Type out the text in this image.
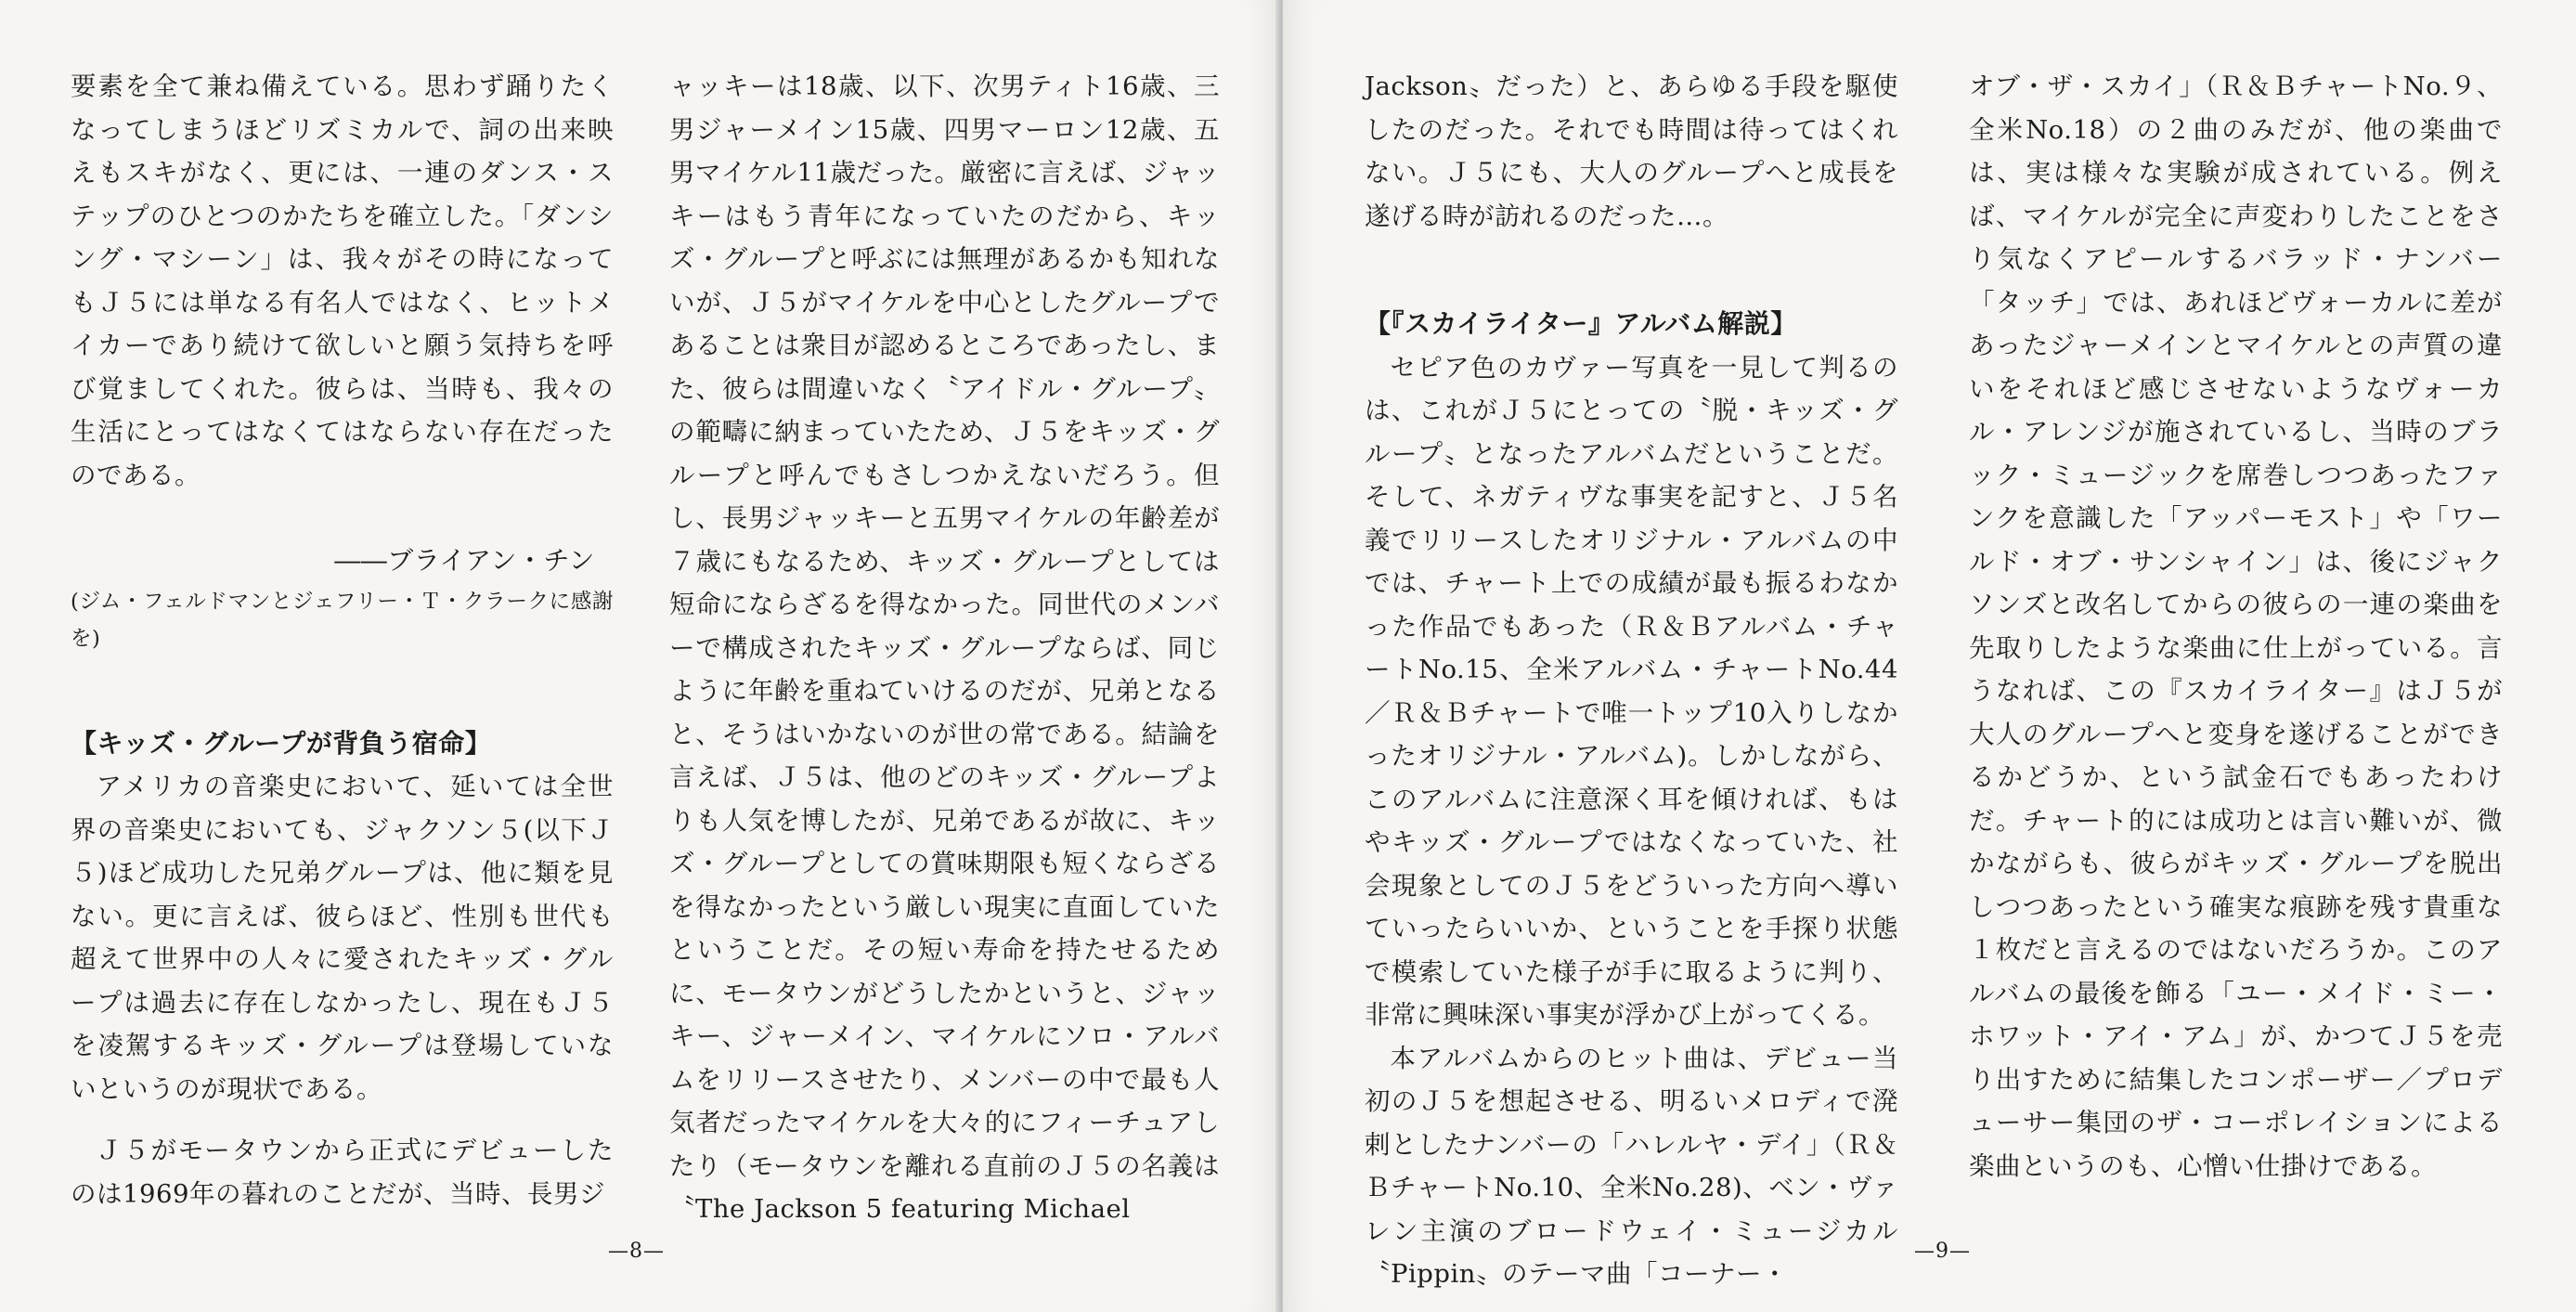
要素を全て兼ね備えている。思わず踊りたくなってしまうほどリズミカルで、詞の出来映えもスキがなく、更には、一連のダンス・ステップのひとつのかたちを確立した。「ダンシング・マシーン」は、我々がその時になってもＪ５には単なる有名人ではなく、ヒットメイカーであり続けて欲しいと願う気持ちを呼び覚ましてくれた。彼らは、当時も、我々の生活にとってはなくてはならない存在だったのである。

――ブライアン・チン

(ジム・フェルドマンとジェフリー・Ｔ・クラークに感謝を)

【キッズ・グループが背負う宿命】

アメリカの音楽史において、延いては全世界の音楽史においても、ジャクソン５(以下Ｊ５)ほど成功した兄弟グループは、他に類を見ない。更に言えば、彼らほど、性別も世代も超えて世界中の人々に愛されたキッズ・グループは過去に存在しなかったし、現在もＪ５を凌駕するキッズ・グループは登場していないというのが現状である。

Ｊ５がモータウンから正式にデビューしたのは1969年の暮れのことだが、当時、長男ジ

ャッキーは18歳、以下、次男ティト16歳、三男ジャーメイン15歳、四男マーロン12歳、五男マイケル11歳だった。厳密に言えば、ジャッキーはもう青年になっていたのだから、キッズ・グループと呼ぶには無理があるかも知れないが、Ｊ５がマイケルを中心としたグループであることは衆目が認めるところであったし、また、彼らは間違いなく〝アイドル・グループ〟の範疇に納まっていたため、Ｊ５をキッズ・グループと呼んでもさしつかえないだろう。但し、長男ジャッキーと五男マイケルの年齢差が７歳にもなるため、キッズ・グループとしては短命にならざるを得なかった。同世代のメンバーで構成されたキッズ・グループならば、同じように年齢を重ねていけるのだが、兄弟となると、そうはいかないのが世の常である。結論を言えば、Ｊ５は、他のどのキッズ・グループよりも人気を博したが、兄弟であるが故に、キッズ・グループとしての賞味期限も短くならざるを得なかったという厳しい現実に直面していたということだ。その短い寿命を持たせるために、モータウンがどうしたかというと、ジャッキー、ジャーメイン、マイケルにソロ・アルバムをリリースさせたり、メンバーの中で最も人気者だったマイケルを大々的にフィーチュアしたり（モータウンを離れる直前のＪ５の名義は〝The Jackson 5 featuring Michael

—8—

Jackson〟だった）と、あらゆる手段を駆使したのだった。それでも時間は待ってはくれない。Ｊ５にも、大人のグループへと成長を遂げる時が訪れるのだった…。

【『スカイライター』アルバム解説】

セピア色のカヴァー写真を一見して判るのは、これがＪ５にとっての〝脱・キッズ・グループ〟となったアルバムだということだ。そして、ネガティヴな事実を記すと、Ｊ５名義でリリースしたオリジナル・アルバムの中では、チャート上での成績が最も振るわなかった作品でもあった（Ｒ＆Ｂアルバム・チャートNo.15、全米アルバム・チャートNo.44／Ｒ＆Ｂチャートで唯一トップ10入りしなかったオリジナル・アルバム)。しかしながら、このアルバムに注意深く耳を傾ければ、もはやキッズ・グループではなくなっていた、社会現象としてのＪ５をどういった方向へ導いていったらいいか、ということを手探り状態で模索していた様子が手に取るように判り、非常に興味深い事実が浮かび上がってくる。

本アルバムからのヒット曲は、デビュー当初のＪ５を想起させる、明るいメロディで溌剌としたナンバーの「ハレルヤ・デイ」（Ｒ＆ＢチャートNo.10、全米No.28)、ベン・ヴァレン主演のブロードウェイ・ミュージカル〝Pippin〟のテーマ曲「コーナー・

オブ・ザ・スカイ」（Ｒ＆ＢチャートNo.９、全米No.18）の２曲のみだが、他の楽曲では、実は様々な実験が成されている。例えば、マイケルが完全に声変わりしたことをさり気なくアピールするバラッド・ナンバー「タッチ」では、あれほどヴォーカルに差があったジャーメインとマイケルとの声質の違いをそれほど感じさせないようなヴォーカル・アレンジが施されているし、当時のブラック・ミュージックを席巻しつつあったファンクを意識した「アッパーモスト」や「ワールド・オブ・サンシャイン」は、後にジャクソンズと改名してからの彼らの一連の楽曲を先取りしたような楽曲に仕上がっている。言うなれば、この『スカイライター』はＪ５が大人のグループへと変身を遂げることができるかどうか、という試金石でもあったわけだ。チャート的には成功とは言い難いが、微かながらも、彼らがキッズ・グループを脱出しつつあったという確実な痕跡を残す貴重な１枚だと言えるのではないだろうか。このアルバムの最後を飾る「ユー・メイド・ミー・ホワット・アイ・アム」が、かつてＪ５を売り出すために結集したコンポーザー／プロデューサー集団のザ・コーポレイションによる楽曲というのも、心憎い仕掛けである。

—9—
